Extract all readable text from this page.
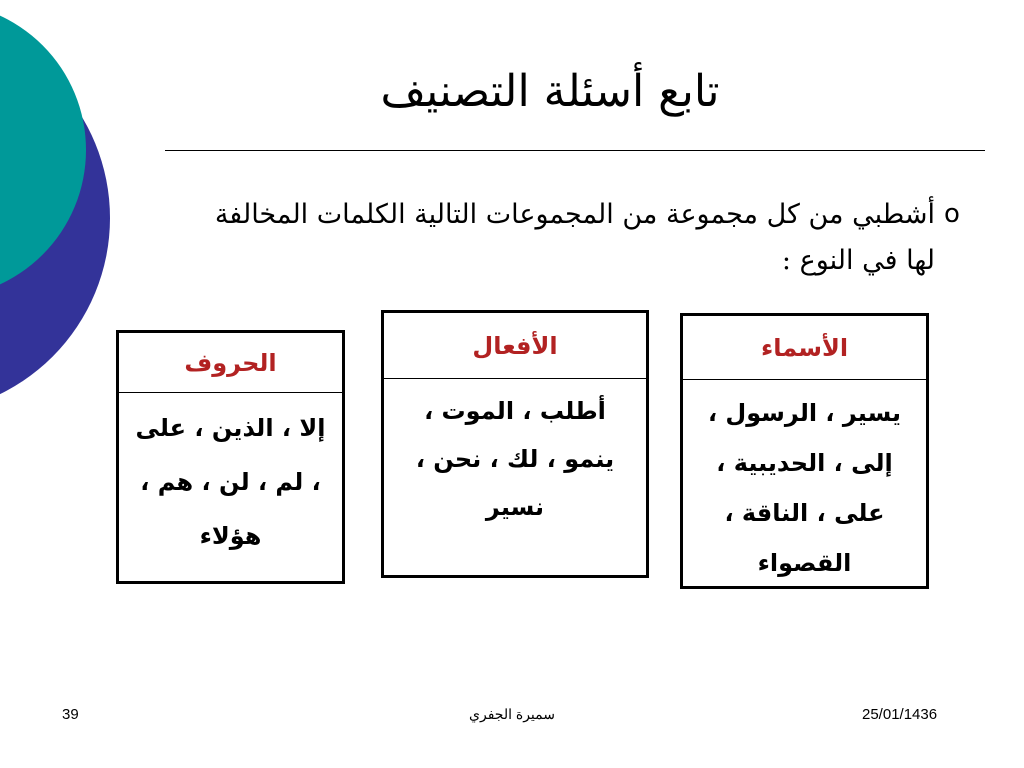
تابع أسئلة التصنيف
o
أشطبي من كل مجموعة من المجموعات التالية الكلمات المخالفة لها في النوع :
الأسماء
يسير ، الرسول ، إلى ، الحديبية ، على ، الناقة ، القصواء
الأفعال
أطلب ، الموت ، ينمو ، لك ، نحن ، نسير
الحروف
إلا ، الذين ، على ، لم ، لن ، هم ، هؤلاء
39	سميرة الجفري	25/01/1436
